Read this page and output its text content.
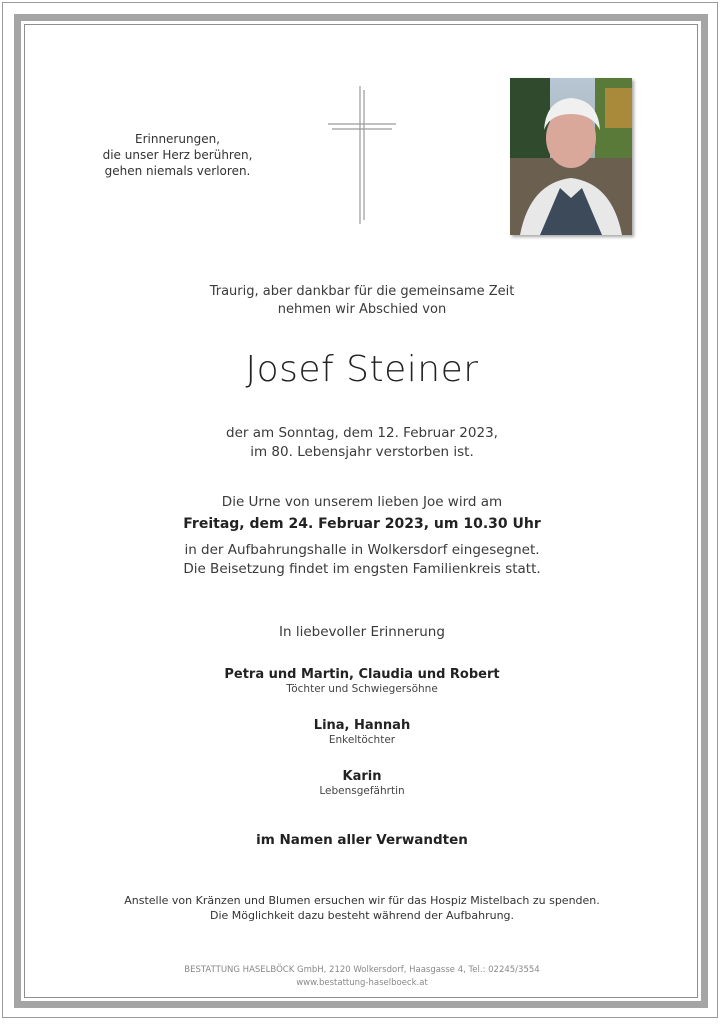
Erinnerungen,
die unser Herz berühren,
gehen niemals verloren.
Traurig, aber dankbar für die gemeinsame Zeit
nehmen wir Abschied von
Josef Steiner
der am Sonntag, dem 12. Februar 2023,
im 80. Lebensjahr verstorben ist.
Die Urne von unserem lieben Joe wird am
Freitag, dem 24. Februar 2023, um 10.30 Uhr
in der Aufbahrungshalle in Wolkersdorf eingesegnet.
Die Beisetzung findet im engsten Familienkreis statt.
In liebevoller Erinnerung
Petra und Martin, Claudia und Robert
Töchter und Schwiegersöhne
Lina, Hannah
Enkeltöchter
Karin
Lebensgefährtin
im Namen aller Verwandten
Anstelle von Kränzen und Blumen ersuchen wir für das Hospiz Mistelbach zu spenden.
Die Möglichkeit dazu besteht während der Aufbahrung.
BESTATTUNG HASELBÖCK GmbH, 2120 Wolkersdorf, Haasgasse 4, Tel.: 02245/3554
www.bestattung-haselboeck.at
